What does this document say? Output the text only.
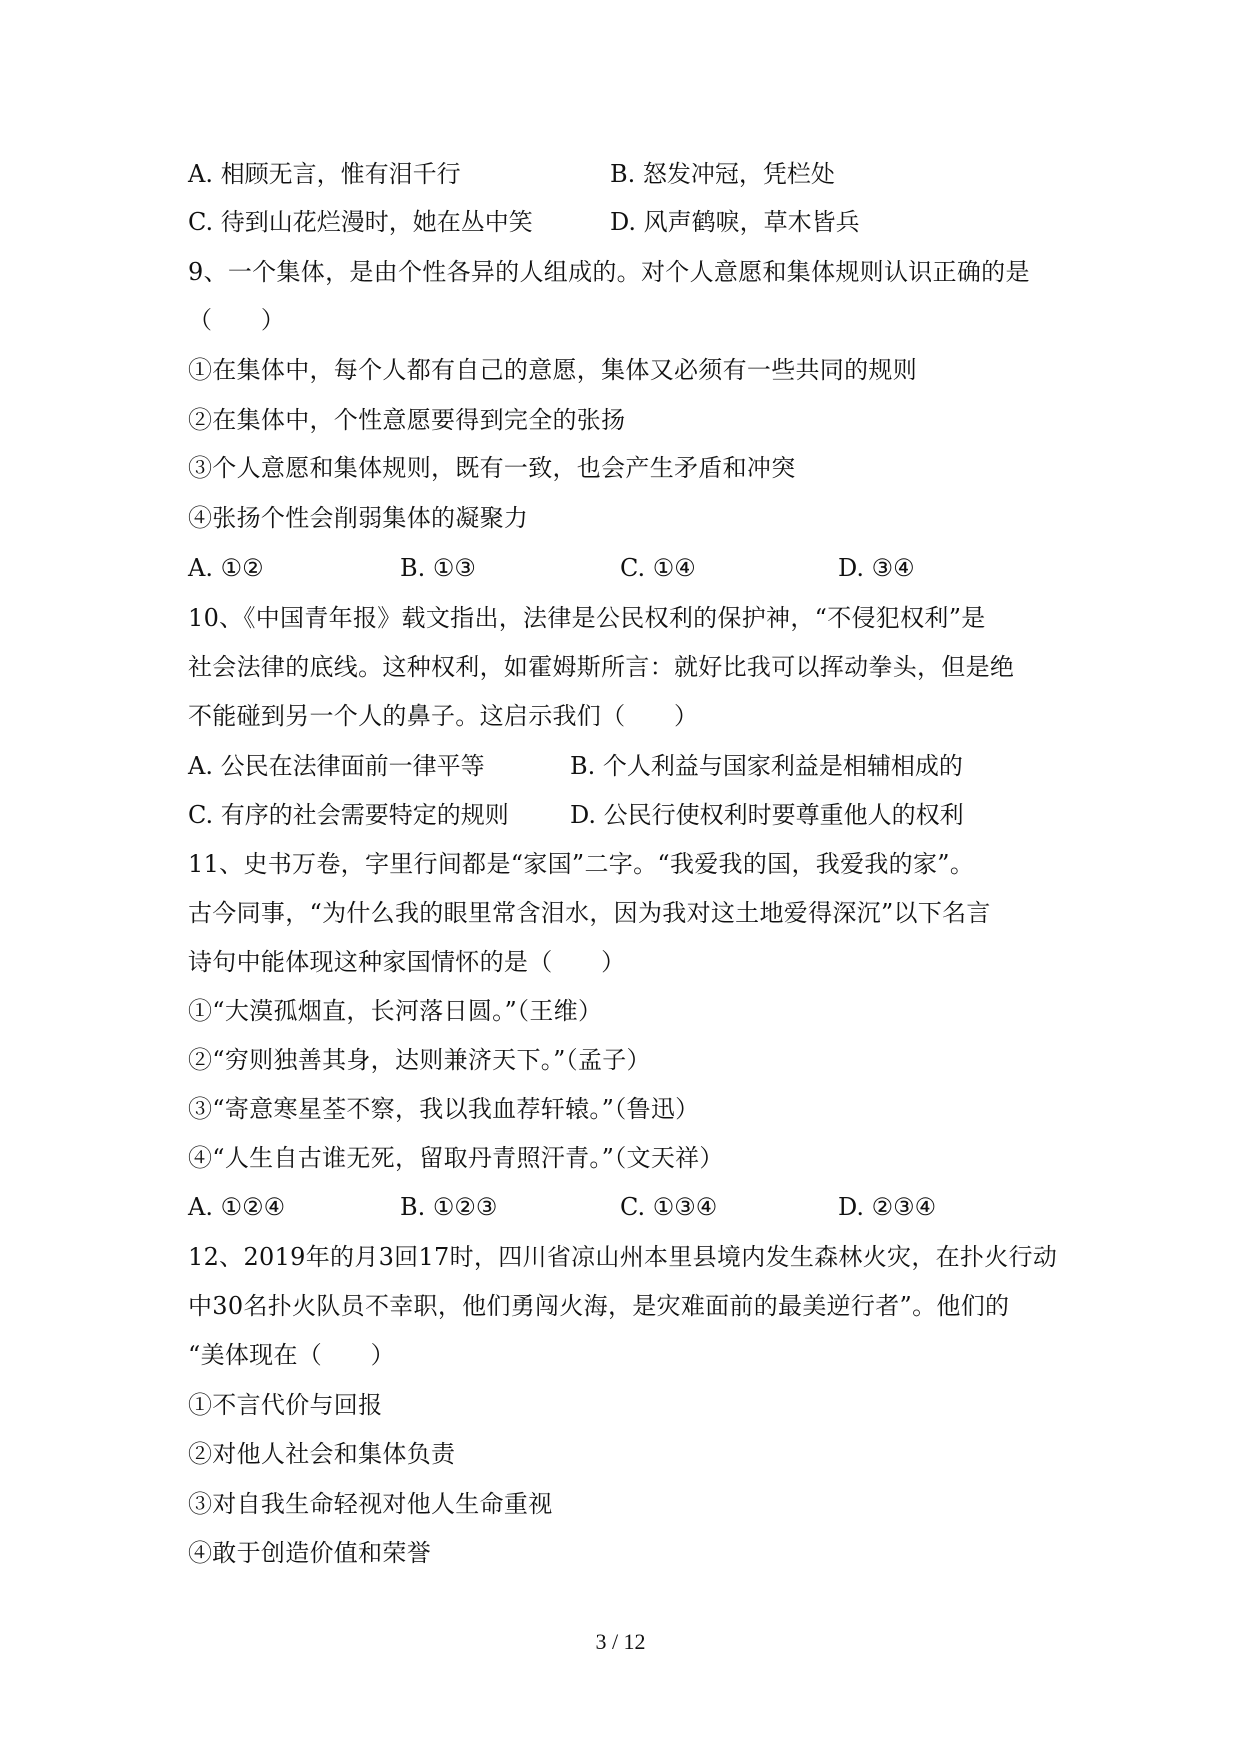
A. 相顾无言，惟有泪千行	B. 怒发冲冠，凭栏处
C. 待到山花烂漫时，她在丛中笑	D. 风声鹤唳，草木皆兵
9、一个集体，是由个性各异的人组成的。对个人意愿和集体规则认识正确的是
（　　）
①在集体中，每个人都有自己的意愿，集体又必须有一些共同的规则
②在集体中，个性意愿要得到完全的张扬
③个人意愿和集体规则，既有一致，也会产生矛盾和冲突
④张扬个性会削弱集体的凝聚力
A. ①②	B. ①③	C. ①④	D. ③④
10、《中国青年报》载文指出，法律是公民权利的保护神，“不侵犯权利”是
社会法律的底线。这种权利，如霍姆斯所言：就好比我可以挥动拳头，但是绝
不能碰到另一个人的鼻子。这启示我们（　　）
A. 公民在法律面前一律平等	B. 个人利益与国家利益是相辅相成的
C. 有序的社会需要特定的规则	D. 公民行使权利时要尊重他人的权利
11、史书万卷，字里行间都是“家国”二字。“我爱我的国，我爱我的家”。
古今同事，“为什么我的眼里常含泪水，因为我对这土地爱得深沉”以下名言
诗句中能体现这种家国情怀的是（　　）
①“大漠孤烟直，长河落日圆。”（王维）
②“穷则独善其身，达则兼济天下。”（孟子）
③“寄意寒星荃不察，我以我血荐轩辕。”（鲁迅）
④“人生自古谁无死，留取丹青照汗青。”（文天祥）
A. ①②④	B. ①②③	C. ①③④	D. ②③④
12、2019年的月3回17时，四川省凉山州本里县境内发生森林火灾，在扑火行动
中30名扑火队员不幸职，他们勇闯火海，是灾难面前的最美逆行者”。他们的
“美体现在（　　）
①不言代价与回报
②对他人社会和集体负责
③对自我生命轻视对他人生命重视
④敢于创造价值和荣誉
3 / 12
